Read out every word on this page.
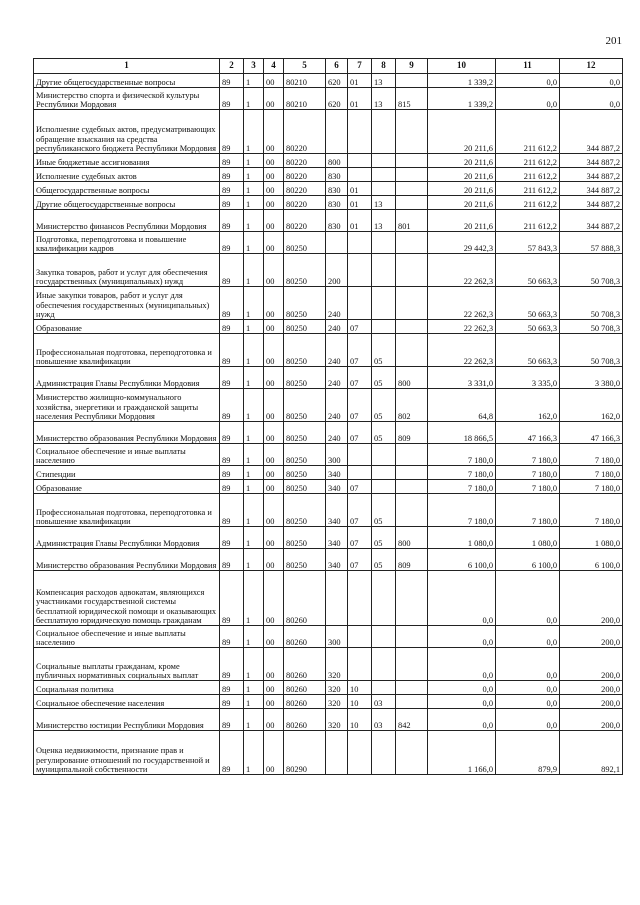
201
1	2	3	4	5	6	7	8	9	10	11	12
Другие общегосударственные вопросы	89	1	00	80210	620	01	13		1 339,2	0,0	0,0
Министерство спорта и физической культуры Республики Мордовия	89	1	00	80210	620	01	13	815	1 339,2	0,0	0,0
Исполнение судебных актов, предусматривающих обращение взыскания на средства республиканского бюджета Республики Мордовия	89	1	00	80220					20 211,6	211 612,2	344 887,2
Иные бюджетные ассигнования	89	1	00	80220	800				20 211,6	211 612,2	344 887,2
Исполнение судебных актов	89	1	00	80220	830				20 211,6	211 612,2	344 887,2
Общегосударственные вопросы	89	1	00	80220	830	01			20 211,6	211 612,2	344 887,2
Другие общегосударственные вопросы	89	1	00	80220	830	01	13		20 211,6	211 612,2	344 887,2
Министерство финансов Республики Мордовия	89	1	00	80220	830	01	13	801	20 211,6	211 612,2	344 887,2
Подготовка, переподготовка и повышение квалификации кадров	89	1	00	80250					29 442,3	57 843,3	57 888,3
Закупка товаров, работ и услуг для обеспечения государственных (муниципальных) нужд	89	1	00	80250	200				22 262,3	50 663,3	50 708,3
Иные закупки товаров, работ и услуг для обеспечения государственных (муниципальных) нужд	89	1	00	80250	240				22 262,3	50 663,3	50 708,3
Образование	89	1	00	80250	240	07			22 262,3	50 663,3	50 708,3
Профессиональная подготовка, переподготовка и повышение квалификации	89	1	00	80250	240	07	05		22 262,3	50 663,3	50 708,3
Администрация Главы Республики Мордовия	89	1	00	80250	240	07	05	800	3 331,0	3 335,0	3 380,0
Министерство жилищно-коммунального хозяйства, энергетики и гражданской защиты населения Республики Мордовия	89	1	00	80250	240	07	05	802	64,8	162,0	162,0
Министерство образования Республики Мордовия	89	1	00	80250	240	07	05	809	18 866,5	47 166,3	47 166,3
Социальное обеспечение и иные выплаты населению	89	1	00	80250	300				7 180,0	7 180,0	7 180,0
Стипендии	89	1	00	80250	340				7 180,0	7 180,0	7 180,0
Образование	89	1	00	80250	340	07			7 180,0	7 180,0	7 180,0
Профессиональная подготовка, переподготовка и повышение квалификации	89	1	00	80250	340	07	05		7 180,0	7 180,0	7 180,0
Администрация Главы Республики Мордовия	89	1	00	80250	340	07	05	800	1 080,0	1 080,0	1 080,0
Министерство образования Республики Мордовия	89	1	00	80250	340	07	05	809	6 100,0	6 100,0	6 100,0
Компенсация расходов адвокатам, являющихся участниками государственной системы бесплатной юридической помощи и оказывающих бесплатную юридическую помощь гражданам	89	1	00	80260					0,0	0,0	200,0
Социальное обеспечение и иные выплаты населению	89	1	00	80260	300				0,0	0,0	200,0
Социальные выплаты гражданам, кроме публичных нормативных социальных выплат	89	1	00	80260	320				0,0	0,0	200,0
Социальная политика	89	1	00	80260	320	10			0,0	0,0	200,0
Социальное обеспечение населения	89	1	00	80260	320	10	03		0,0	0,0	200,0
Министерство юстиции Республики Мордовия	89	1	00	80260	320	10	03	842	0,0	0,0	200,0
Оценка недвижимости, признание прав и регулирование отношений по государственной и муниципальной собственности	89	1	00	80290					1 166,0	879,9	892,1
